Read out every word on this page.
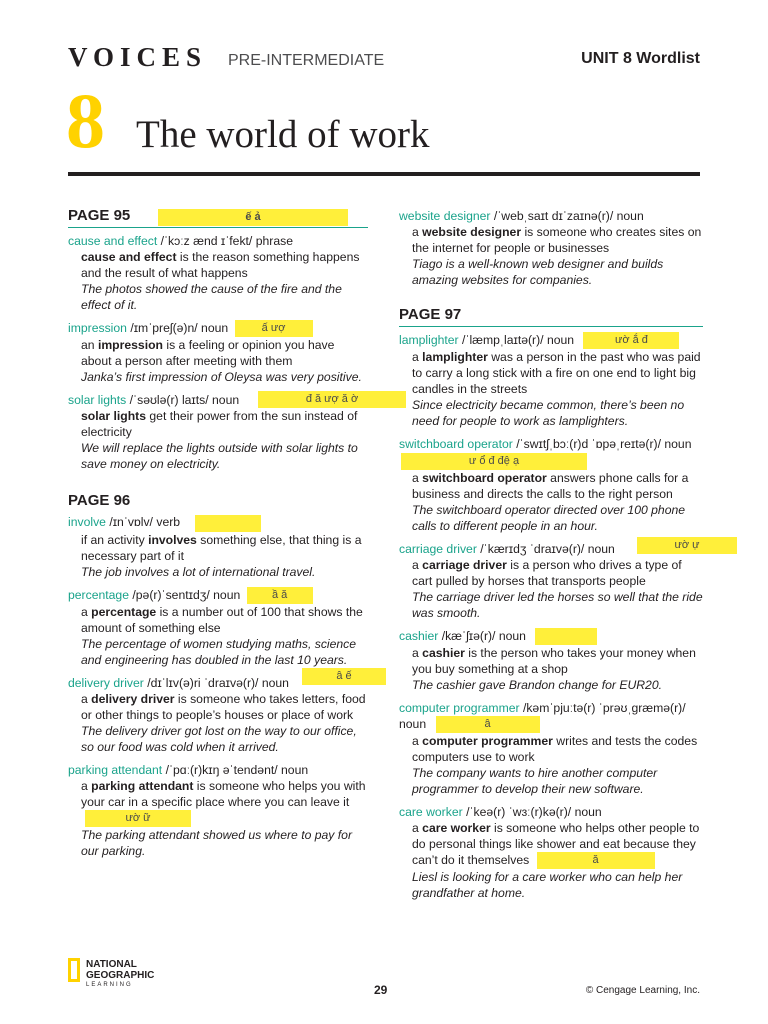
VOICES PRE-INTERMEDIATE	UNIT 8 Wordlist
8 The world of work
PAGE 95	ế ả
cause and effect /ˈkɔːz ænd ɪˈfekt/ phrase
cause and effect is the reason something happens and the result of what happens
The photos showed the cause of the fire and the effect of it.
impression /ɪmˈpreʃ(ə)n/ noun	ấ ượ
an impression is a feeling or opinion you have about a person after meeting with them
Janka’s first impression of Oleysa was very positive.
solar lights /ˈsəʊlə(r) laɪts/ noun	đ ă ượ ă ờ
solar lights get their power from the sun instead of electricity
We will replace the lights outside with solar lights to save money on electricity.
PAGE 96
involve /ɪnˈvɒlv/ verb
if an activity involves something else, that thing is a necessary part of it
The job involves a lot of international travel.
percentage /pə(r)ˈsentɪdʒ/ noun	ầ ă
a percentage is a number out of 100 that shows the amount of something else
The percentage of women studying maths, science and engineering has doubled in the last 10 years.
delivery driver /dɪˈlɪv(ə)ri ˈdraɪvə(r)/ noun	â ế
a delivery driver is someone who takes letters, food or other things to people’s houses or place of work
The delivery driver got lost on the way to our office, so our food was cold when it arrived.
parking attendant /ˈpɑː(r)kɪŋ əˈtendənt/ noun
a parking attendant is someone who helps you with your car in a specific place where you can leave it ườ ữ
The parking attendant showed us where to pay for our parking.
website designer /ˈwebˌsaɪt dɪˈzaɪnə(r)/ noun
a website designer is someone who creates sites on the internet for people or businesses
Tiago is a well-known web designer and builds amazing websites for companies.
PAGE 97
lamplighter /ˈlæmpˌlaɪtə(r)/ noun	ườ ắ đ
a lamplighter was a person in the past who was paid to carry a long stick with a fire on one end to light big candles in the streets
Since electricity became common, there’s been no need for people to work as lamplighters.
switchboard operator /ˈswɪtʃˌbɔː(r)d ˈɒpəˌreɪtə(r)/ noun ư ổ đ đệ ạ
a switchboard operator answers phone calls for a business and directs the calls to the right person
The switchboard operator directed over 100 phone calls to different people in an hour.
carriage driver /ˈkærɪdʒ ˈdraɪvə(r)/ noun	ườ ự
a carriage driver is a person who drives a type of cart pulled by horses that transports people
The carriage driver led the horses so well that the ride was smooth.
cashier /kæˈʃɪə(r)/ noun
a cashier is the person who takes your money when you buy something at a shop
The cashier gave Brandon change for EUR20.
computer programmer /kəmˈpjuːtə(r) ˈprəʊˌɡræmə(r)/ noun	â
a computer programmer writes and tests the codes computers use to work
The company wants to hire another computer programmer to develop their new software.
care worker /ˈkeə(r) ˈwɜː(r)kə(r)/ noun
a care worker is someone who helps other people to do personal things like shower and eat because they can’t do it themselves	ă
Liesl is looking for a care worker who can help her grandfather at home.
NATIONAL
GEOGRAPHIC
LEARNING	29	© Cengage Learning, Inc.
